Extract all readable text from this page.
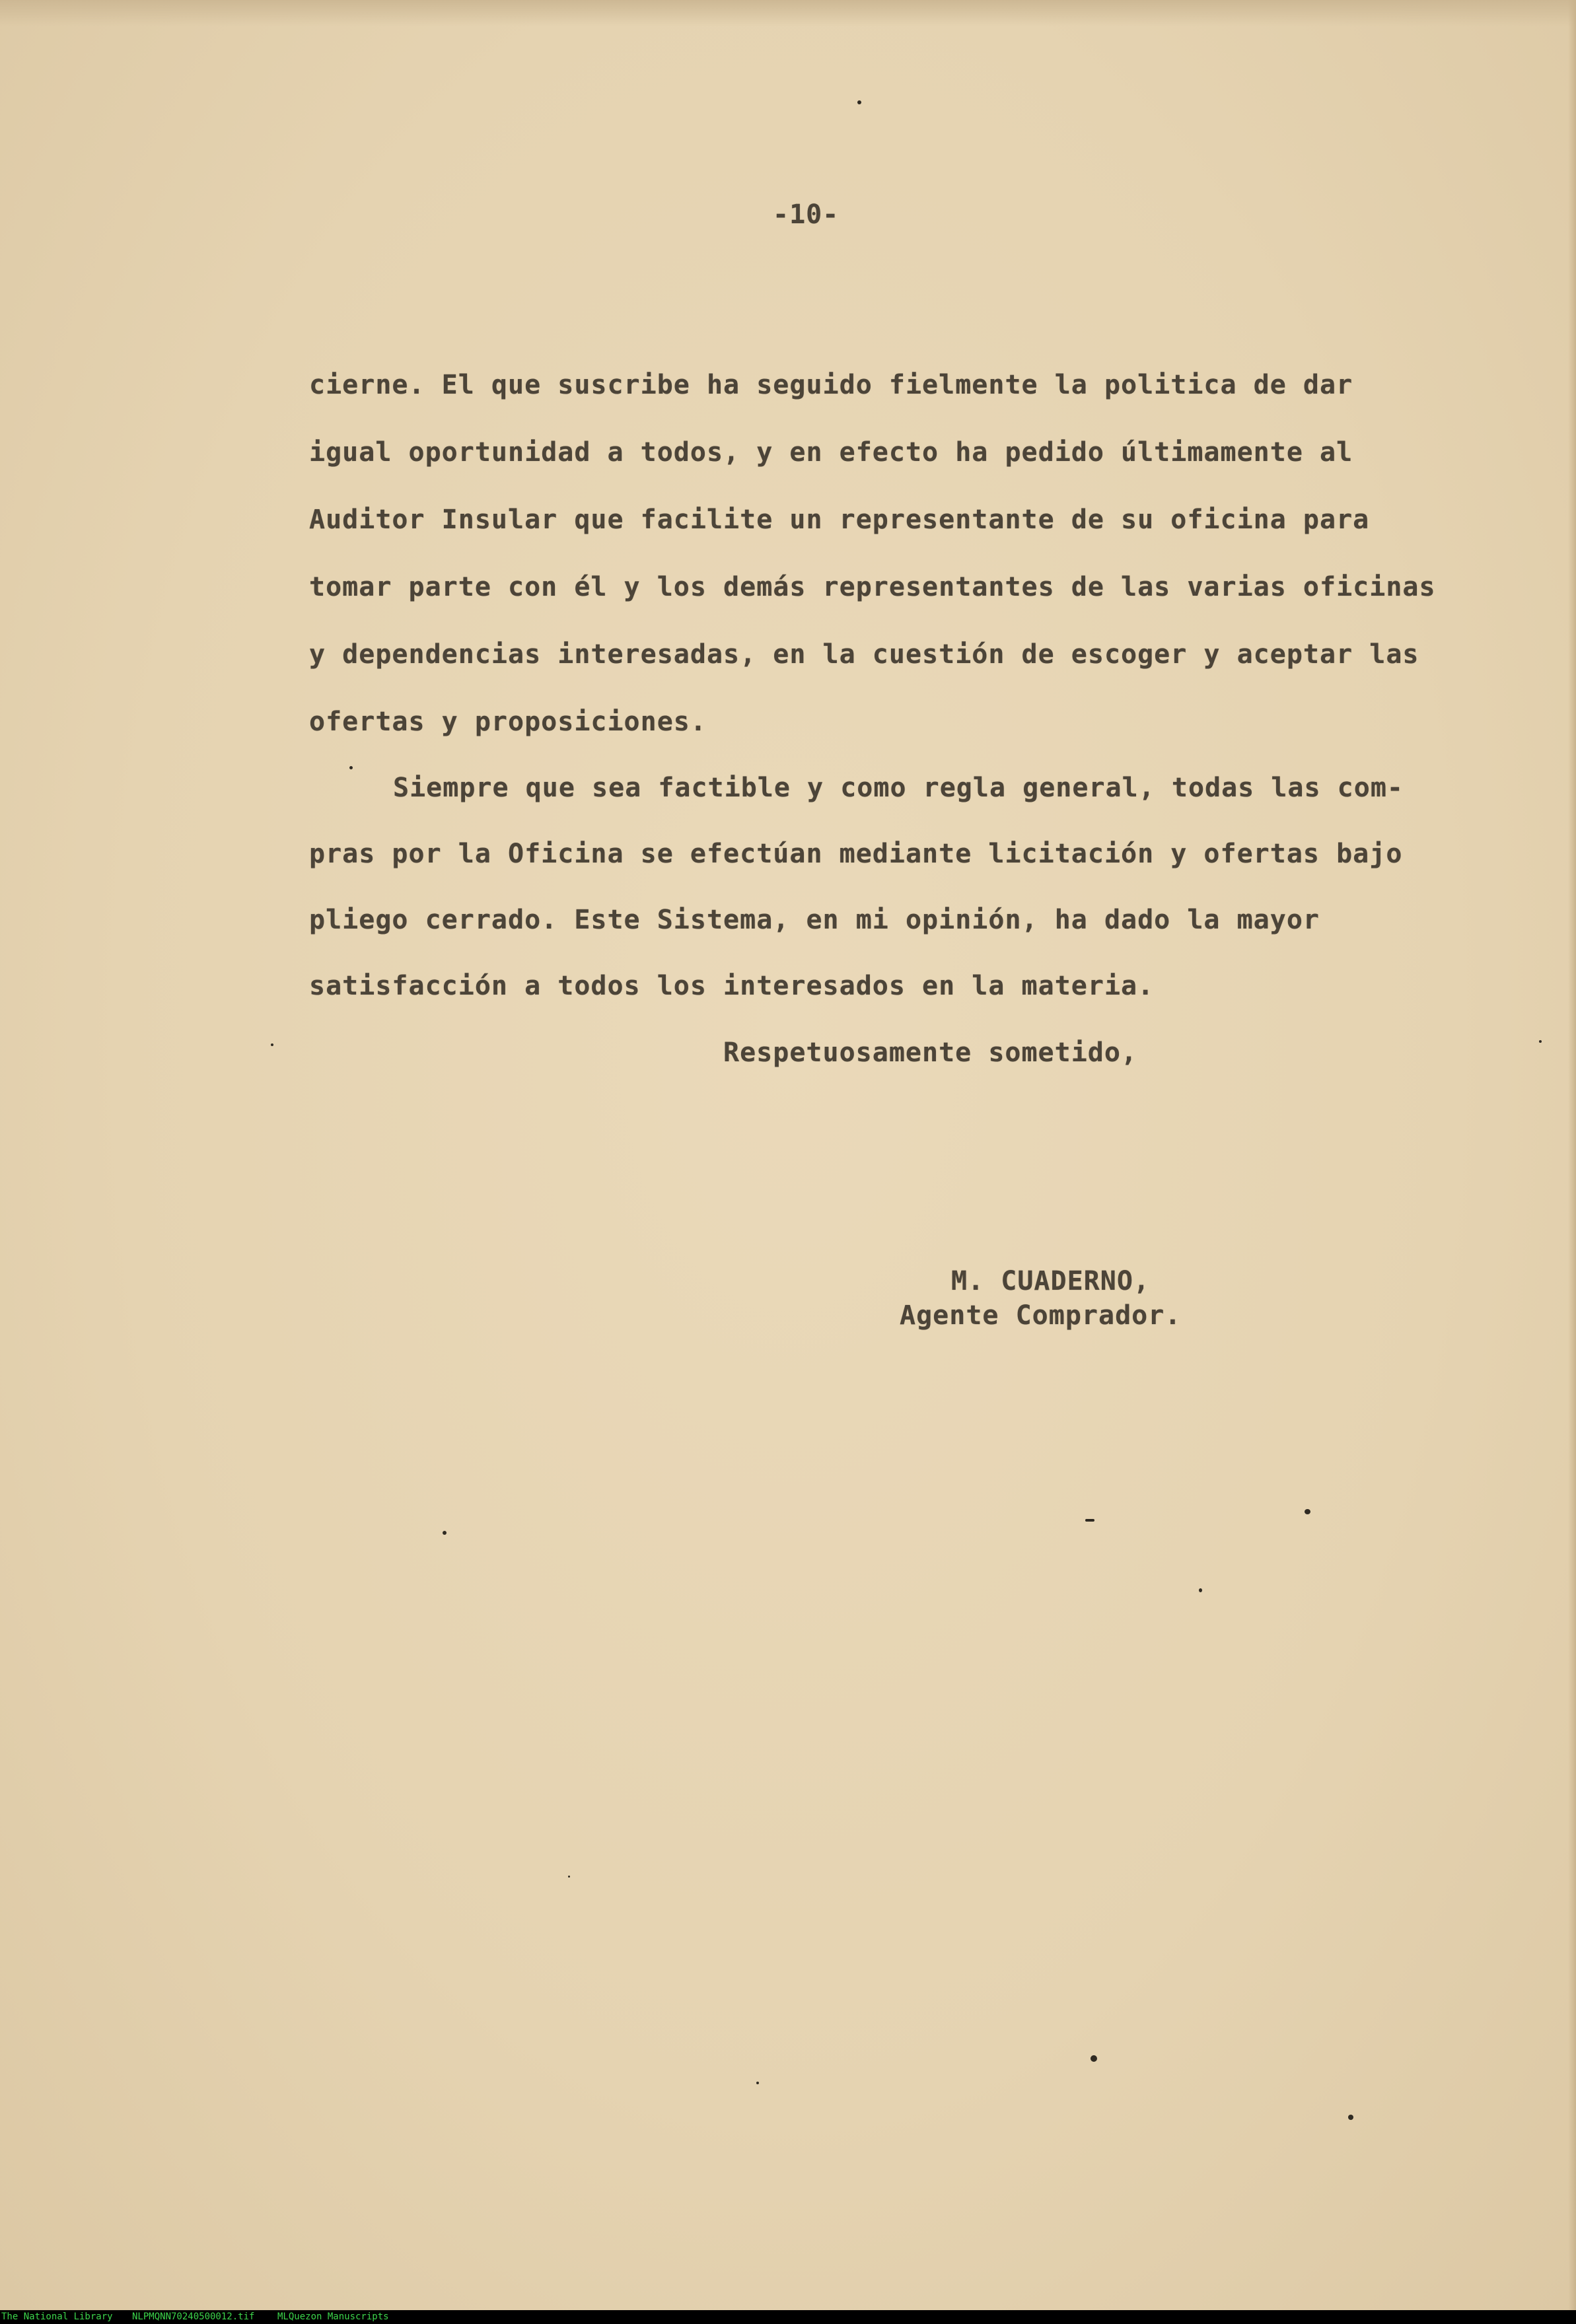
-10-
cierne. El que suscribe ha seguido fielmente la politica de dar
igual oportunidad a todos, y en efecto ha pedido últimamente al
Auditor Insular que facilite un representante de su oficina para
tomar parte con él y los demás representantes de las varias oficinas
y dependencias interesadas, en la cuestión de escoger y aceptar las
ofertas y proposiciones.
Siempre que sea factible y como regla general, todas las com-
pras por la Oficina se efectúan mediante licitación y ofertas bajo
pliego cerrado. Este Sistema, en mi opinión, ha dado la mayor
satisfacción a todos los interesados en la materia.
Respetuosamente sometido,
M. CUADERNO,
Agente Comprador.
The National Library NLPMQNN70240500012.tif MLQuezon Manuscripts
